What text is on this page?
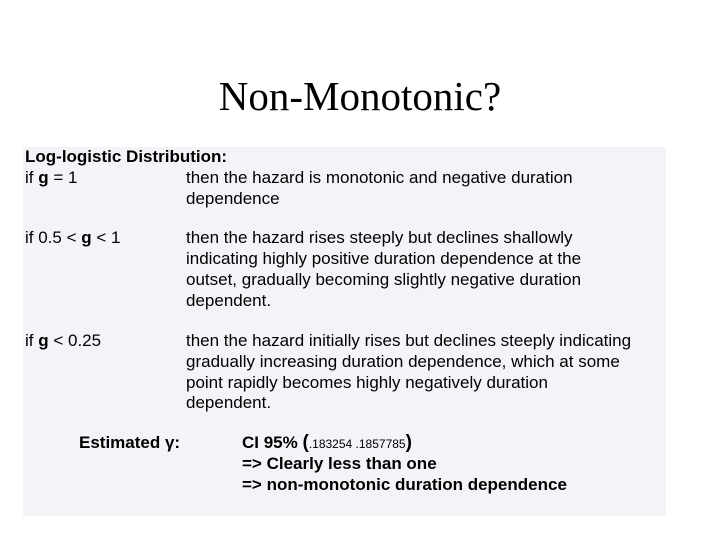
Non-Monotonic?
Log-logistic Distribution:
if g = 1	then the hazard is monotonic and negative duration
dependence
if 0.5 < g < 1	then the hazard rises steeply but declines shallowly
indicating highly positive duration dependence at the
outset, gradually becoming slightly negative duration
dependent.
if g < 0.25	then the hazard initially rises but declines steeply indicating
gradually increasing duration dependence, which at some
point rapidly becomes highly negatively duration
dependent.
Estimated γ:	CI 95% (.183254 .1857785)
=> Clearly less than one
=> non-monotonic duration dependence
